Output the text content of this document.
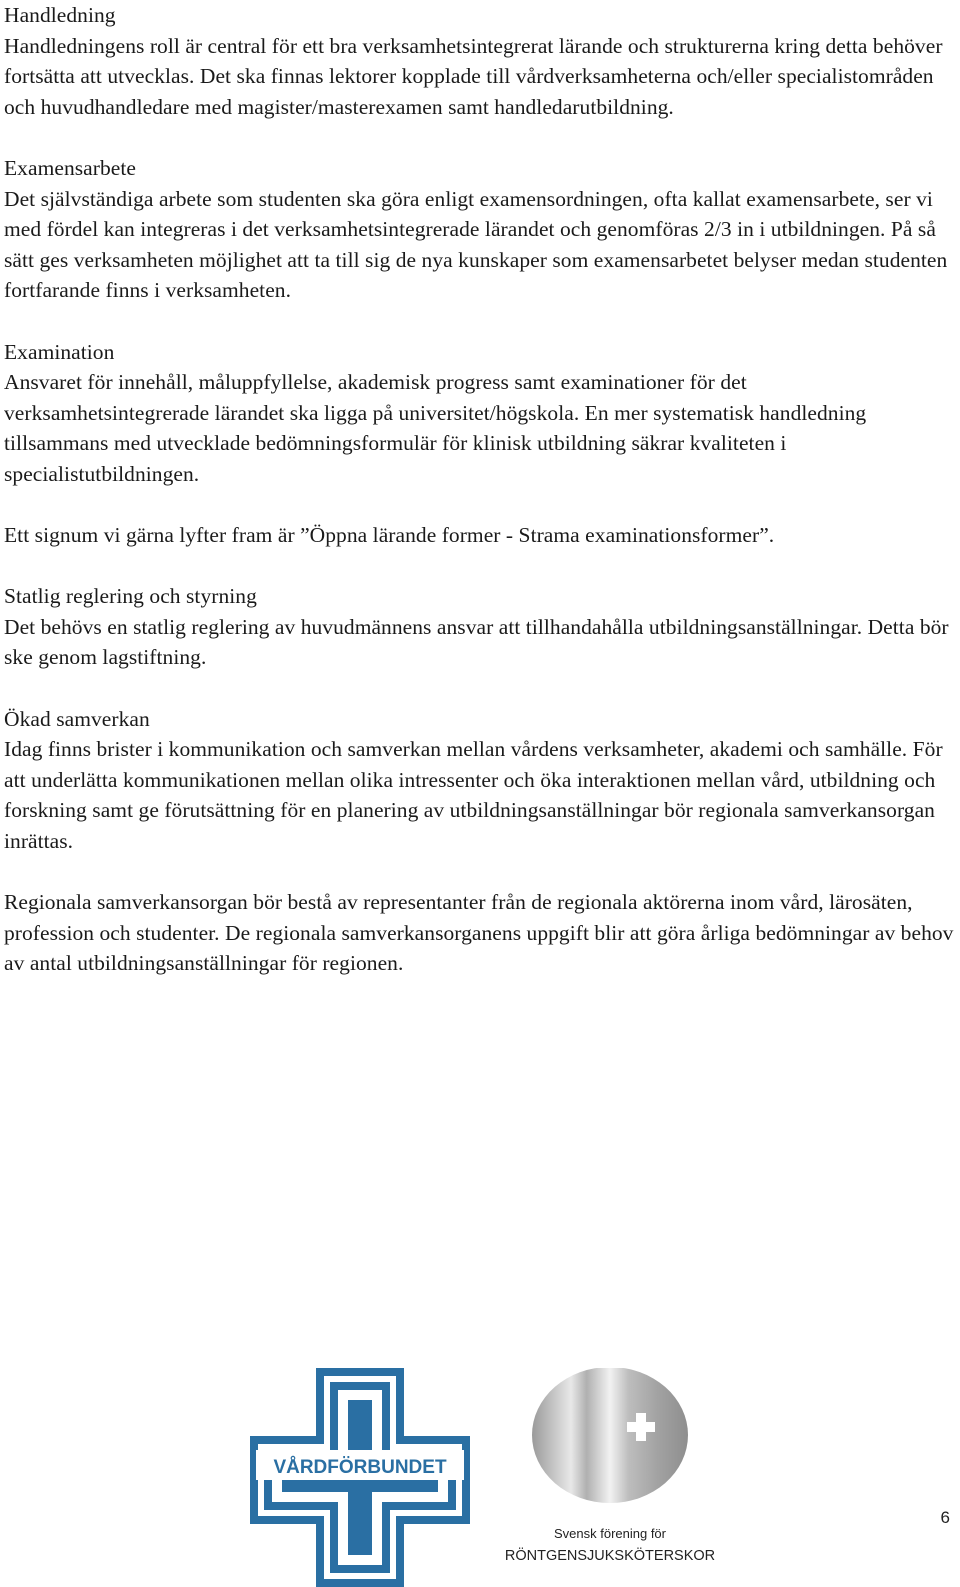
Handledning

Handledningens roll är central för ett bra verksamhetsintegrerat lärande och strukturerna kring detta behöver fortsätta att utvecklas. Det ska finnas lektorer kopplade till vårdverksamheterna och/eller specialistområden och huvudhandledare med magister/masterexamen samt handledarutbildning.

Examensarbete

Det självständiga arbete som studenten ska göra enligt examensordningen, ofta kallat examensarbete, ser vi med fördel kan integreras i det verksamhetsintegrerade lärandet och genomföras 2/3 in i utbildningen. På så sätt ges verksamheten möjlighet att ta till sig de nya kunskaper som examensarbetet belyser medan studenten fortfarande finns i verksamheten.

Examination

Ansvaret för innehåll, måluppfyllelse, akademisk progress samt examinationer för det verksamhetsintegrerade lärandet ska ligga på universitet/högskola. En mer systematisk handledning tillsammans med utvecklade bedömningsformulär för klinisk utbildning säkrar kvaliteten i specialistutbildningen.

Ett signum vi gärna lyfter fram är ”Öppna lärande former - Strama examinationsformer”.

Statlig reglering och styrning

Det behövs en statlig reglering av huvudmännens ansvar att tillhandahålla utbildningsanställningar. Detta bör ske genom lagstiftning.

Ökad samverkan

Idag finns brister i kommunikation och samverkan mellan vårdens verksamheter, akademi och samhälle. För att underlätta kommunikationen mellan olika intressenter och öka interaktionen mellan vård, utbildning och forskning samt ge förutsättning för en planering av utbildningsanställningar bör regionala samverkansorgan inrättas.

Regionala samverkansorgan bör bestå av representanter från de regionala aktörerna inom vård, lärosäten, profession och studenter. De regionala samverkansorganens uppgift blir att göra årliga bedömningar av behov av antal utbildningsanställningar för regionen.

VÅRDFÖRBUNDET
Svensk förening för
RÖNTGENSJUKSKÖTERSKOR
6
